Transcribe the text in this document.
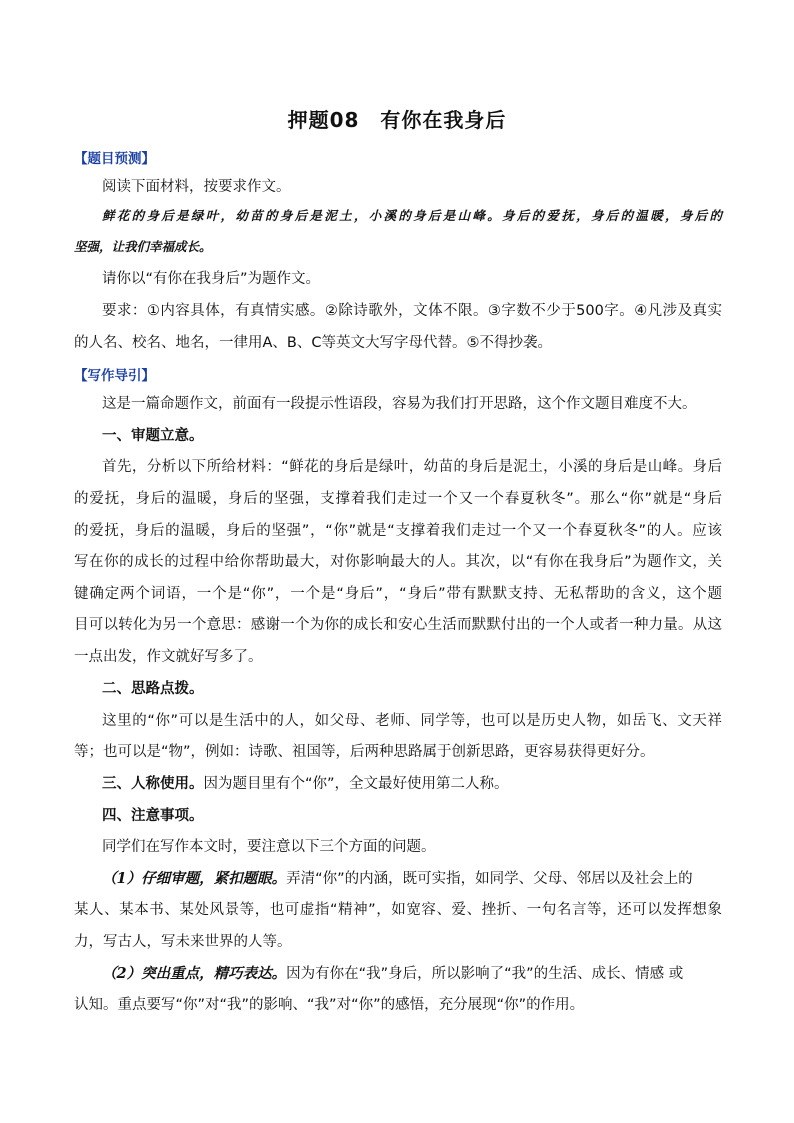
押题08　有你在我身后
【题目预测】
阅读下面材料，按要求作文。
鲜花的身后是绿叶，幼苗的身后是泥土，小溪的身后是山峰。身后的爱抚，身后的温暖，身后的
坚强，让我们幸福成长。
请你以“有你在我身后”为题作文。
要求：①内容具体，有真情实感。②除诗歌外，文体不限。③字数不少于500字。④凡涉及真实
的人名、校名、地名，一律用A、B、C等英文大写字母代替。⑤不得抄袭。
【写作导引】
这是一篇命题作文，前面有一段提示性语段，容易为我们打开思路，这个作文题目难度不大。
一、审题立意。
首先，分析以下所给材料：“鲜花的身后是绿叶，幼苗的身后是泥土，小溪的身后是山峰。身后
的爱抚，身后的温暖，身后的坚强，支撑着我们走过一个又一个春夏秋冬”。那么“你”就是“身后
的爱抚，身后的温暖，身后的坚强”，“你”就是“支撑着我们走过一个又一个春夏秋冬”的人。应该
写在你的成长的过程中给你帮助最大，对你影响最大的人。其次，以“有你在我身后”为题作文，关
键确定两个词语，一个是“你”，一个是“身后”，“身后”带有默默支持、无私帮助的含义，这个题
目可以转化为另一个意思：感谢一个为你的成长和安心生活而默默付出的一个人或者一种力量。从这
一点出发，作文就好写多了。
二、思路点拨。
这里的“你”可以是生活中的人，如父母、老师、同学等，也可以是历史人物，如岳飞、文天祥
等；也可以是“物”，例如：诗歌、祖国等，后两种思路属于创新思路，更容易获得更好分。
三、人称使用。因为题目里有个“你”，全文最好使用第二人称。
四、注意事项。
同学们在写作本文时，要注意以下三个方面的问题。
（1）仔细审题，紧扣题眼。弄清“你”的内涵，既可实指，如同学、父母、邻居以及社会上的
某人、某本书、某处风景等，也可虚指“精神”，如宽容、爱、挫折、一句名言等，还可以发挥想象
力，写古人，写未来世界的人等。
（2）突出重点，精巧表达。因为有你在“我”身后，所以影响了“我”的生活、成长、情感 或
认知。重点要写“你”对“我”的影响、“我”对“你”的感悟，充分展现“你”的作用。
